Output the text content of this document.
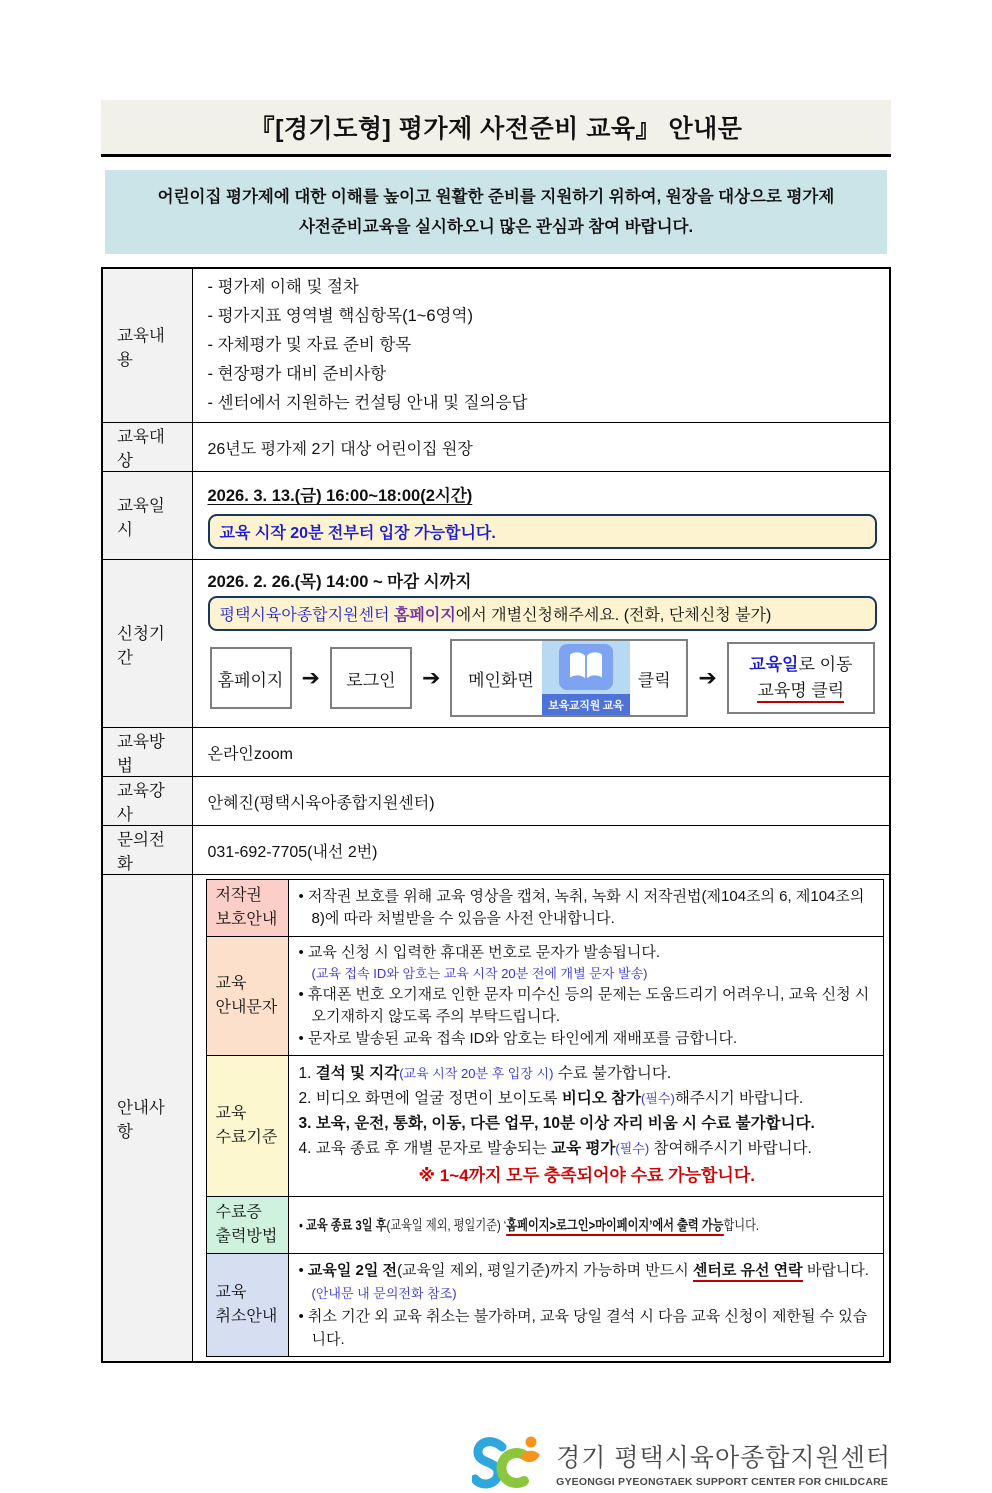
『[경기도형] 평가제 사전준비 교육』 안내문
어린이집 평가제에 대한 이해를 높이고 원활한 준비를 지원하기 위하여, 원장을 대상으로 평가제
사전준비교육을 실시하오니 많은 관심과 참여 바랍니다.
교육내용

- 평가제 이해 및 절차
- 평가지표 영역별 핵심항목(1~6영역)
- 자체평가 및 자료 준비 항목
- 현장평가 대비 준비사항
- 센터에서 지원하는 컨설팅 안내 및 질의응답

교육대상
	26년도 평가제 2기 대상 어린이집 원장

교육일시

2026. 3. 13.(금) 16:00~18:00(2시간)
교육 시작 20분 전부터 입장 가능합니다.

신청기간

2026. 2. 26.(목) 14:00 ~ 마감 시까지
평택시육아종합지원센터 홈페이지에서 개별신청해주세요. (전화, 단체신청 불가)
홈페이지 ➔	로그인	➔ 메인화면
보육교직원 교육
클릭 ➔
교육일로 이동
교육명 클릭

교육방법
	온라인zoom

교육강사
	안혜진(평택시육아종합지원센터)

문의전화
	031-692-7705(내선 2번)

안내사항

저작권
보호안내

• 저작권 보호를 위해 교육 영상을 캡쳐, 녹취, 녹화 시 저작권법(제104조의 6, 제104조의 8)에 따라 처벌받을 수 있음을 사전 안내합니다.

교육
안내문자

• 교육 신청 시 입력한 휴대폰 번호로 문자가 발송됩니다.
(교육 접속 ID와 암호는 교육 시작 20분 전에 개별 문자 발송)
• 휴대폰 번호 오기재로 인한 문자 미수신 등의 문제는 도움드리기 어려우니, 교육 신청 시 오기재하지 않도록 주의 부탁드립니다.
• 문자로 발송된 교육 접속 ID와 암호는 타인에게 재배포를 금합니다.

교육
수료기준

1. 결석 및 지각(교육 시작 20분 후 입장 시) 수료 불가합니다.
2. 비디오 화면에 얼굴 정면이 보이도록 비디오 참가(필수)해주시기 바랍니다.
3. 보육, 운전, 통화, 이동, 다른 업무, 10분 이상 자리 비움 시 수료 불가합니다.
4. 교육 종료 후 개별 문자로 발송되는 교육 평가(필수) 참여해주시기 바랍니다.
※ 1~4까지 모두 충족되어야 수료 가능합니다.

수료증
출력방법

• 교육 종료 3일 후(교육일 제외, 평일기준) ‘홈페이지>로그인>마이페이지’에서 출력 가능합니다.

교육
취소안내

• 교육일 2일 전(교육일 제외, 평일기준)까지 가능하며 반드시 센터로 유선 연락 바랍니다. (안내문 내 문의전화 참조)
• 취소 기간 외 교육 취소는 불가하며, 교육 당일 결석 시 다음 교육 신청이 제한될 수 있습니다.
경기 평택시육아종합지원센터
GYEONGGI PYEONGTAEK SUPPORT CENTER FOR CHILDCARE
